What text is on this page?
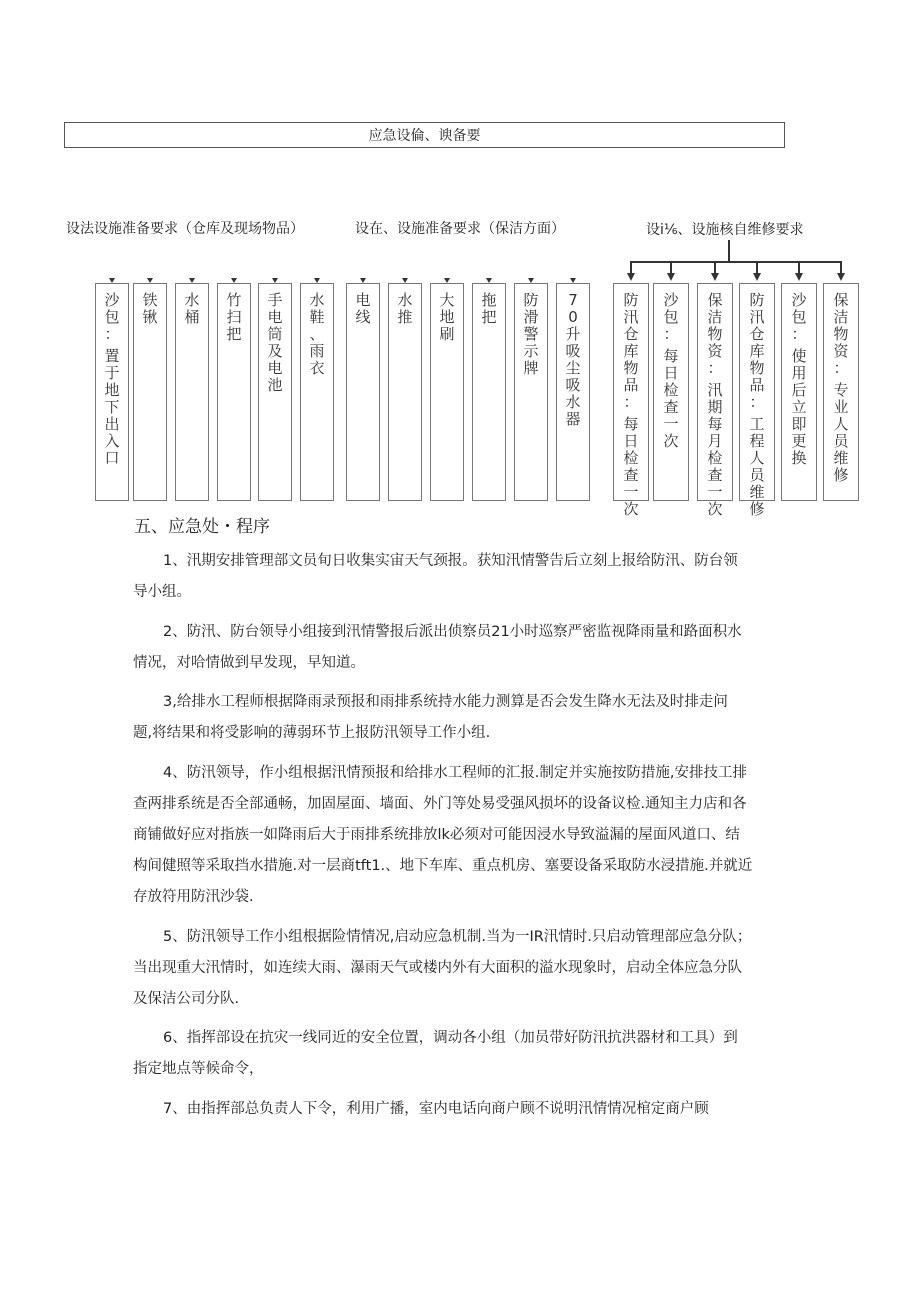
应急设倫、谀备要
设法设施准备要求（仓库及现场物品）	设在、设施准备要求（保洁方面）	设i⅙、设施核自维修要求
沙
包
：
置
于
地
下
出
入
口
铁
锹
水
桶
竹
扫
把
手
电
筒
及
电
池
水
鞋
、
雨
衣
电
线
水
推
大
地
刷
拖
把
防
滑
警
示
牌
7
0
升
吸
尘
吸
水
器
防
汛
仓
库
物
品
：
每
日
检
查
一
次
沙
包
：
每
日
检
查
一
次
保
洁
物
资
：
汛
期
每
月
检
查
一
次
防
汛
仓
库
物
品
：
工
程
人
员
维
修
沙
包
：
使
用
后
立
即
更
换
保
洁
物
资
：
专
业
人
员
维
修
五、应急处・程序

1、汛期安排管理部文员旬日收集实宙天气颈报。获知汛情警告后立刻上报给防汛、防台领

导小组。

2、防汛、防台领导小组接到汛情警报后派出侦察员21小时巡察严密监视降雨量和路面积水

情况，对哈情做到早发现，早知道。

3,给排水工程师根据降雨录预报和雨排系统持水能力测算是否会发生降水无法及时排走问

题,将结果和将受影响的薄弱环节上报防汛领导工作小组.

4、防汛领导，作小组根据汛情预报和给排水工程师的汇报.制定并实施按防措施,安排技工排

查两排系统是否全部通畅，加固屋面、墙面、外门等处易受强风损坏的设备议检.通知主力店和各

商铺做好应对指族一如降雨后大于雨排系统排放lk必须对可能因浸水导致溢漏的屋面风道口、结

构间健照等采取挡水措施.对一层商tft1.、地下车库、重点机房、塞要设备采取防水浸措施.并就近

存放符用防汛沙袋.

5、防汛领导工作小组根据险情情况,启动应急机制.当为一IR汛情时.只启动管理部应急分队；

当出现重大汛情时，如连续大雨、瀑雨天气或楼内外有大面积的溢水现象时，启动全体应急分队

及保洁公司分队.

6、指挥部设在抗灾一线同近的安全位置，调动各小组（加员带好防汛抗洪器材和工具）到

指定地点等候命令，

7、由指挥部总负责人下令，利用广播，室内电话向商户顾不说明汛情情况棺定商户顾
